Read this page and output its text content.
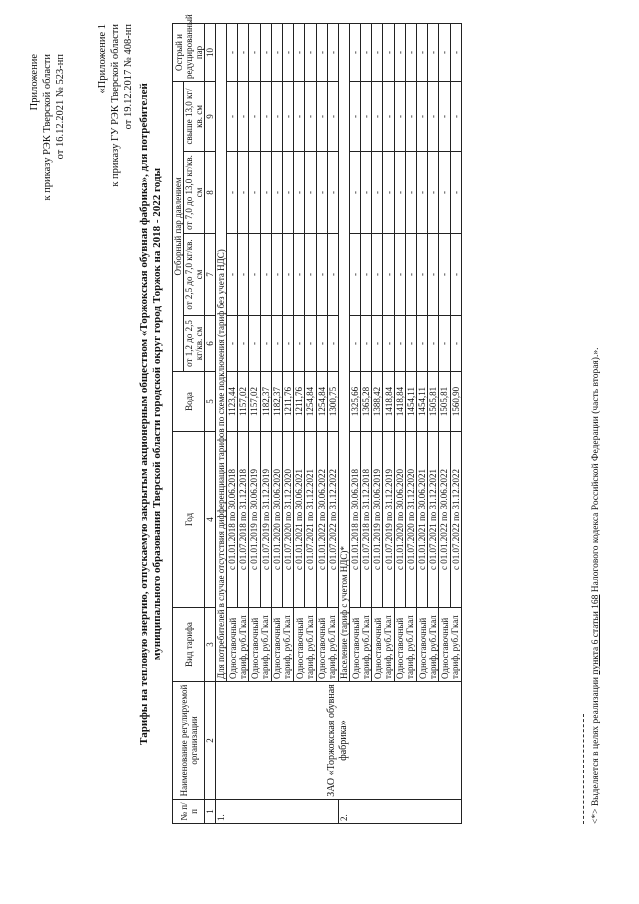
Приложение к приказу РЭК Тверской области от 16.12.2021 № 523-нп	«Приложение 1 к приказу ГУ РЭК Тверской области от 19.12.2017 № 408-нп
Тарифы на тепловую энергию, отпускаемую закрытым акционерным обществом «Торжокская обувная фабрика», для потребителей муниципального образования Тверской области городской округ город Торжок на 2018 - 2022 годы
№ п/ п	Наименование регулируемой организации	Вид тарифа	Год	Вода	Отборный пар давлением				Острый и редуцированный пар
					от 1,2 до 2,5 кг/кв. см	от 2,5 до 7,0 кг/кв. см	от 7,0 до 13,0 кг/кв. см	свыше 13,0 кг/кв. см	
1	2	3	4	5	6	7	8	9	10
1.	ЗАО «Торжокская обувная фабрика»	Для потребителей в случае отсутствия дифференциации тарифов по схеме подключения (тариф без учета НДС)							
		Одноставочный тариф, руб./Гкал	с 01.01.2018 по 30.06.2018	1123,44	-	-	-	-	-
			с 01.07.2018 по 31.12.2018	1157,02	-	-	-	-	-
		Одноставочный тариф, руб./Гкал	с 01.01.2019 по 30.06.2019	1157,02	-	-	-	-	-
			с 01.07.2019 по 31.12.2019	1182,37	-	-	-	-	-
		Одноставочный тариф, руб./Гкал	с 01.01.2020 по 30.06.2020	1182,37	-	-	-	-	-
			с 01.07.2020 по 31.12.2020	1211,76	-	-	-	-	-
		Одноставочный тариф, руб./Гкал	с 01.01.2021 по 30.06.2021	1211,76	-	-	-	-	-
			с 01.07.2021 по 31.12.2021	1254,84	-	-	-	-	-
		Одноставочный тариф, руб./Гкал	с 01.01.2022 по 30.06.2022	1254,84	-	-	-	-	-
			с 01.07.2022 по 31.12.2022	1300,75	-	-	-	-	-
2.		Население (тариф с учетом НДС)*							
		Одноставочный тариф, руб./Гкал	с 01.01.2018 по 30.06.2018	1325,66	-	-	-	-	-
			с 01.07.2018 по 31.12.2018	1365,28	-	-	-	-	-
		Одноставочный тариф, руб./Гкал	с 01.01.2019 по 30.06.2019	1388,42	-	-	-	-	-
			с 01.07.2019 по 31.12.2019	1418,84	-	-	-	-	-
		Одноставочный тариф, руб./Гкал	с 01.01.2020 по 30.06.2020	1418,84	-	-	-	-	-
			с 01.07.2020 по 31.12.2020	1454,11	-	-	-	-	-
		Одноставочный тариф, руб./Гкал	с 01.01.2021 по 30.06.2021	1454,11	-	-	-	-	-
			с 01.07.2021 по 31.12.2021	1505,81	-	-	-	-	-
		Одноставочный тариф, руб./Гкал	с 01.01.2022 по 30.06.2022	1505,81	-	-	-	-	-
			с 01.07.2022 по 31.12.2022	1560,90	-	-	-	-	-
<*> Выделяется в целях реализации пункта 6 статьи 168 Налогового кодекса Российской Федерации (часть вторая).».
